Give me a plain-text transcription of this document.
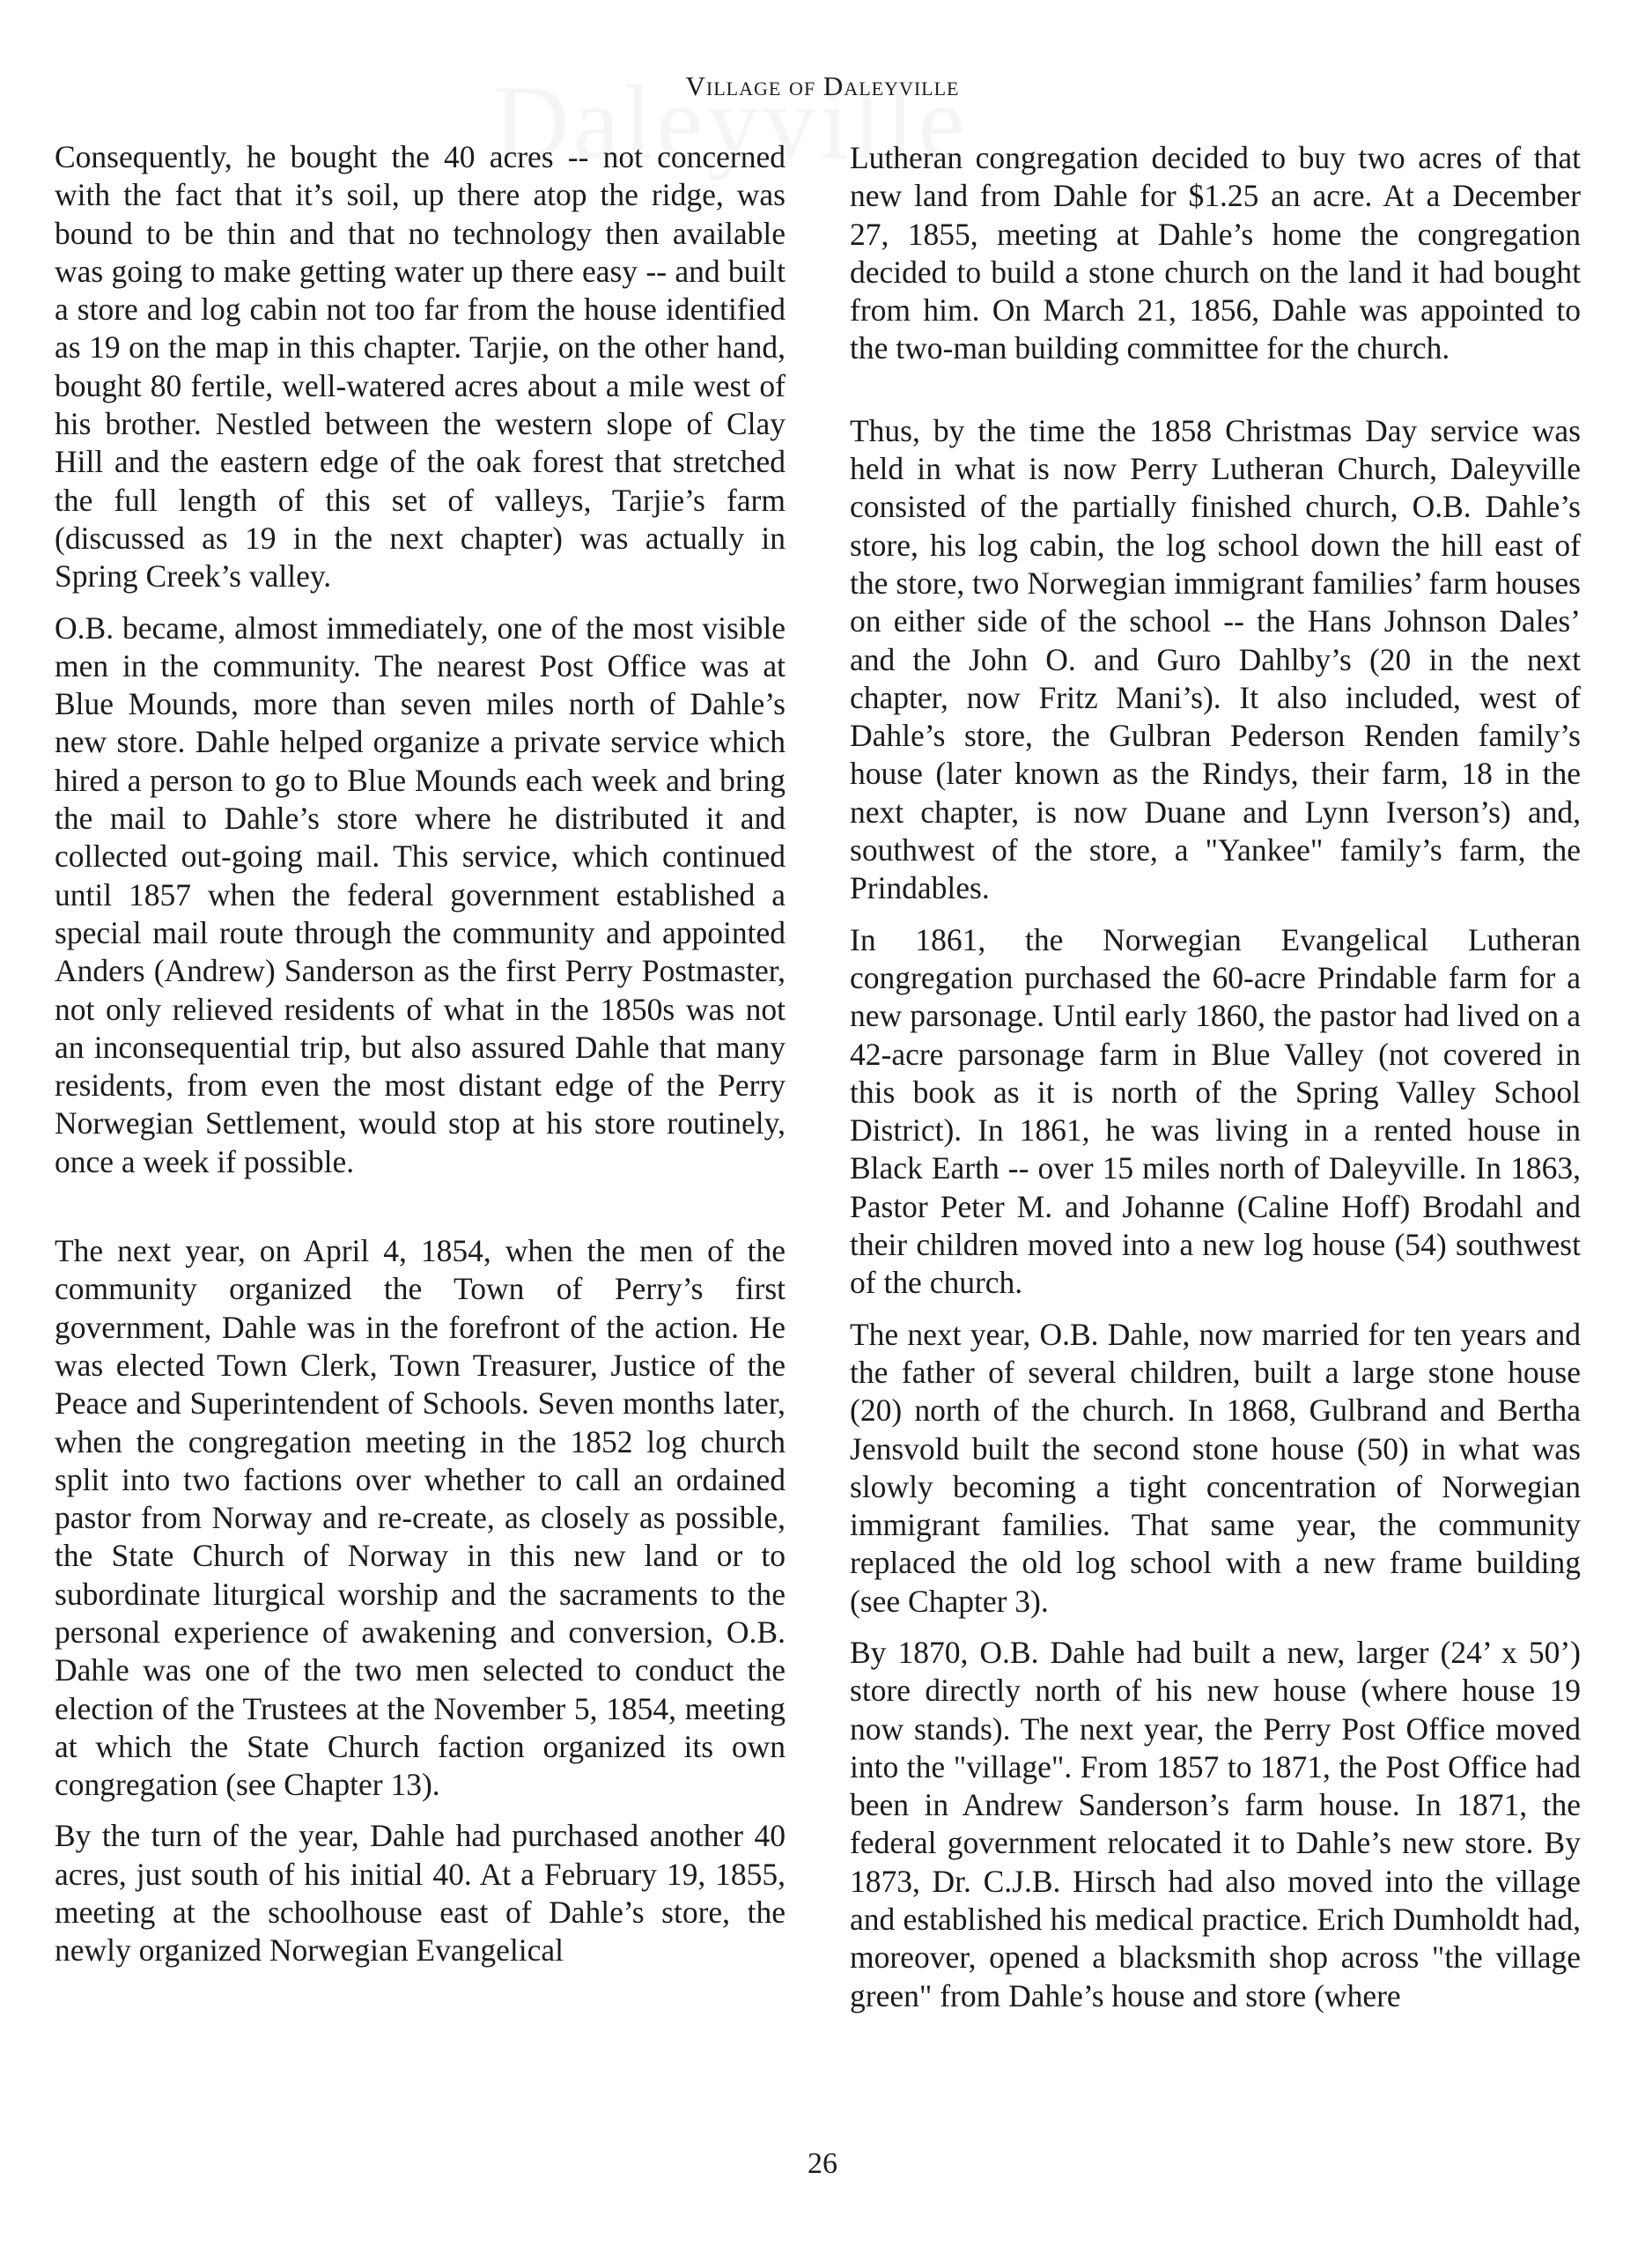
Village of Daleyville

Consequently, he bought the 40 acres -- not concerned with the fact that it’s soil, up there atop the ridge, was bound to be thin and that no technology then available was going to make getting water up there easy -- and built a store and log cabin not too far from the house identified as 19 on the map in this chapter. Tarjie, on the other hand, bought 80 fertile, well-watered acres about a mile west of his brother. Nestled between the western slope of Clay Hill and the eastern edge of the oak forest that stretched the full length of this set of valleys, Tarjie’s farm (discussed as 19 in the next chapter) was actually in Spring Creek’s valley.

O.B. became, almost immediately, one of the most visible men in the community. The nearest Post Office was at Blue Mounds, more than seven miles north of Dahle’s new store. Dahle helped organize a private service which hired a person to go to Blue Mounds each week and bring the mail to Dahle’s store where he distributed it and collected out-going mail. This service, which continued until 1857 when the federal government established a special mail route through the community and appointed Anders (Andrew) Sanderson as the first Perry Postmaster, not only relieved residents of what in the 1850s was not an inconsequential trip, but also assured Dahle that many residents, from even the most distant edge of the Perry Norwegian Settlement, would stop at his store routinely, once a week if possible.

The next year, on April 4, 1854, when the men of the community organized the Town of Perry’s first government, Dahle was in the forefront of the action. He was elected Town Clerk, Town Treasurer, Justice of the Peace and Superintendent of Schools. Seven months later, when the congregation meeting in the 1852 log church split into two factions over whether to call an ordained pastor from Norway and re-create, as closely as possible, the State Church of Norway in this new land or to subordinate liturgical worship and the sacraments to the personal experience of awakening and conversion, O.B. Dahle was one of the two men selected to conduct the election of the Trustees at the November 5, 1854, meeting at which the State Church faction organized its own congregation (see Chapter 13).

By the turn of the year, Dahle had purchased another 40 acres, just south of his initial 40. At a February 19, 1855, meeting at the schoolhouse east of Dahle’s store, the newly organized Norwegian Evangelical

Lutheran congregation decided to buy two acres of that new land from Dahle for $1.25 an acre. At a December 27, 1855, meeting at Dahle’s home the congregation decided to build a stone church on the land it had bought from him. On March 21, 1856, Dahle was appointed to the two-man building committee for the church.

Thus, by the time the 1858 Christmas Day service was held in what is now Perry Lutheran Church, Daleyville consisted of the partially finished church, O.B. Dahle’s store, his log cabin, the log school down the hill east of the store, two Norwegian immigrant families’ farm houses on either side of the school -- the Hans Johnson Dales’ and the John O. and Guro Dahlby’s (20 in the next chapter, now Fritz Mani’s). It also included, west of Dahle’s store, the Gulbran Pederson Renden family’s house (later known as the Rindys, their farm, 18 in the next chapter, is now Duane and Lynn Iverson’s) and, southwest of the store, a "Yankee" family’s farm, the Prindables.

In 1861, the Norwegian Evangelical Lutheran congregation purchased the 60-acre Prindable farm for a new parsonage. Until early 1860, the pastor had lived on a 42-acre parsonage farm in Blue Valley (not covered in this book as it is north of the Spring Valley School District). In 1861, he was living in a rented house in Black Earth -- over 15 miles north of Daleyville. In 1863, Pastor Peter M. and Johanne (Caline Hoff) Brodahl and their children moved into a new log house (54) southwest of the church.

The next year, O.B. Dahle, now married for ten years and the father of several children, built a large stone house (20) north of the church. In 1868, Gulbrand and Bertha Jensvold built the second stone house (50) in what was slowly becoming a tight concentration of Norwegian immigrant families. That same year, the community replaced the old log school with a new frame building (see Chapter 3).

By 1870, O.B. Dahle had built a new, larger (24’ x 50’) store directly north of his new house (where house 19 now stands). The next year, the Perry Post Office moved into the "village". From 1857 to 1871, the Post Office had been in Andrew Sanderson’s farm house. In 1871, the federal government relocated it to Dahle’s new store. By 1873, Dr. C.J.B. Hirsch had also moved into the village and established his medical practice. Erich Dumholdt had, moreover, opened a blacksmith shop across "the village green" from Dahle’s house and store (where

26
